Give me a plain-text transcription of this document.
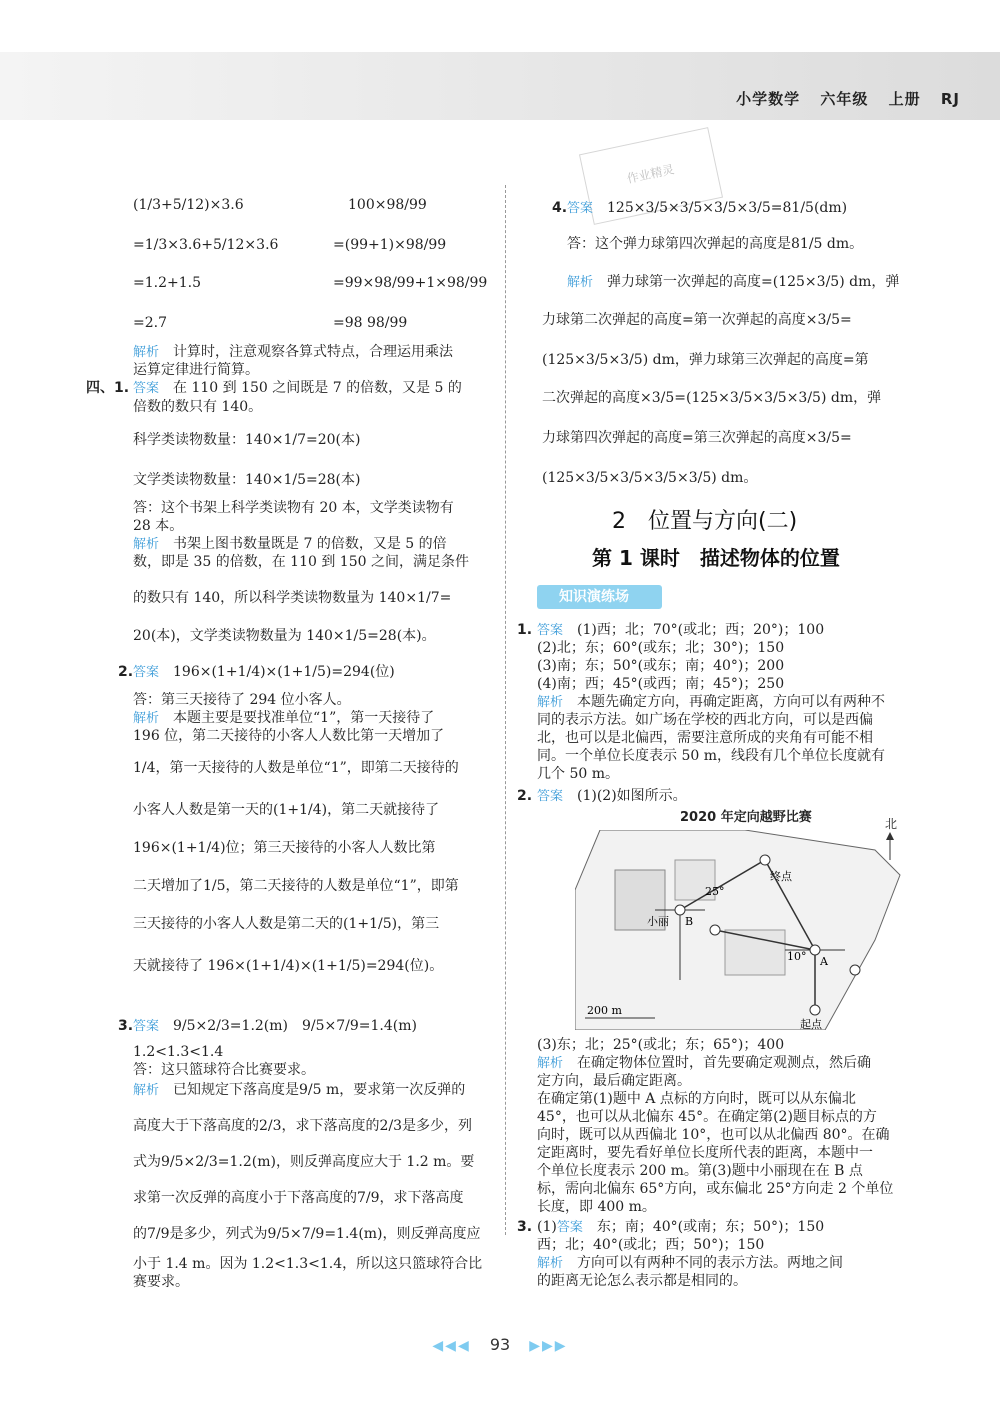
小学数学 六年级 上册 RJ
作业精灵
(1/3+5/12)×3.6
=1/3×3.6+5/12×3.6
=1.2+1.5
=2.7
100×98/99
=(99+1)×98/99
=99×98/99+1×98/99
=98 98/99
解析　计算时，注意观察各算式特点，合理运用乘法
运算定律进行简算。
四、1. 答案　在 110 到 150 之间既是 7 的倍数，又是 5 的
倍数的数只有 140。
科学类读物数量：140×1/7=20(本)
文学类读物数量：140×1/5=28(本)
答：这个书架上科学类读物有 20 本，文学类读物有
28 本。
解析　书架上图书数量既是 7 的倍数，又是 5 的倍
数，即是 35 的倍数，在 110 到 150 之间，满足条件
的数只有 140，所以科学类读物数量为 140×1/7=
20(本)，文学类读物数量为 140×1/5=28(本)。
2. 答案　196×(1+1/4)×(1+1/5)=294(位)
答：第三天接待了 294 位小客人。
解析　本题主要是要找准单位“1”，第一天接待了
196 位，第二天接待的小客人人数比第一天增加了
1/4，第一天接待的人数是单位“1”，即第二天接待的
小客人人数是第一天的(1+1/4)，第二天就接待了
196×(1+1/4)位；第三天接待的小客人人数比第
二天增加了1/5，第二天接待的人数是单位“1”，即第
三天接待的小客人人数是第二天的(1+1/5)，第三
天就接待了 196×(1+1/4)×(1+1/5)=294(位)。
3. 答案　9/5×2/3=1.2(m)　9/5×7/9=1.4(m)
1.2<1.3<1.4
答：这只篮球符合比赛要求。
解析　已知规定下落高度是9/5 m，要求第一次反弹的
高度大于下落高度的2/3，求下落高度的2/3是多少，列
式为9/5×2/3=1.2(m)，则反弹高度应大于 1.2 m。要
求第一次反弹的高度小于下落高度的7/9，求下落高度
的7/9是多少，列式为9/5×7/9=1.4(m)，则反弹高度应
小于 1.4 m。因为 1.2<1.3<1.4，所以这只篮球符合比
赛要求。
4. 答案　125×3/5×3/5×3/5×3/5=81/5(dm)
答：这个弹力球第四次弹起的高度是81/5 dm。
解析　弹力球第一次弹起的高度=(125×3/5) dm，弹
力球第二次弹起的高度=第一次弹起的高度×3/5=
(125×3/5×3/5) dm，弹力球第三次弹起的高度=第
二次弹起的高度×3/5=(125×3/5×3/5×3/5) dm，弹
力球第四次弹起的高度=第三次弹起的高度×3/5=
(125×3/5×3/5×3/5×3/5) dm。
2　位置与方向(二)
第 1 课时　描述物体的位置
知识演练场
1. 答案　(1)西；北；70°(或北；西；20°)；100
(2)北；东；60°(或东；北；30°)；150
(3)南；东；50°(或东；南；40°)；200
(4)南；西；45°(或西；南；45°)；250
解析　本题先确定方向，再确定距离，方向可以有两种不
同的表示方法。如广场在学校的西北方向，可以是西偏
北，也可以是北偏西，需要注意所成的夹角有可能不相
同。一个单位长度表示 50 m，线段有几个单位长度就有
几个 50 m。
2. 答案　(1)(2)如图所示。
2020 年定向越野比赛	北
终点
B
A
小丽
25°
10°
200 m
起点
(3)东；北；25°(或北；东；65°)；400
解析　在确定物体位置时，首先要确定观测点，然后确
定方向，最后确定距离。
在确定第(1)题中 A 点标的方向时，既可以从东偏北
45°，也可以从北偏东 45°。在确定第(2)题目标点的方
向时，既可以从西偏北 10°，也可以从北偏西 80°。在确
定距离时，要先看好单位长度所代表的距离，本题中一
个单位长度表示 200 m。第(3)题中小丽现在在 B 点
标，需向北偏东 65°方向，或东偏北 25°方向走 2 个单位
长度，即 400 m。
3. (1)答案　东；南；40°(或南；东；50°)；150
西；北；40°(或北；西；50°)；150
解析　方向可以有两种不同的表示方法。两地之间
的距离无论怎么表示都是相同的。
◀◀◀ 93 ▶▶▶
